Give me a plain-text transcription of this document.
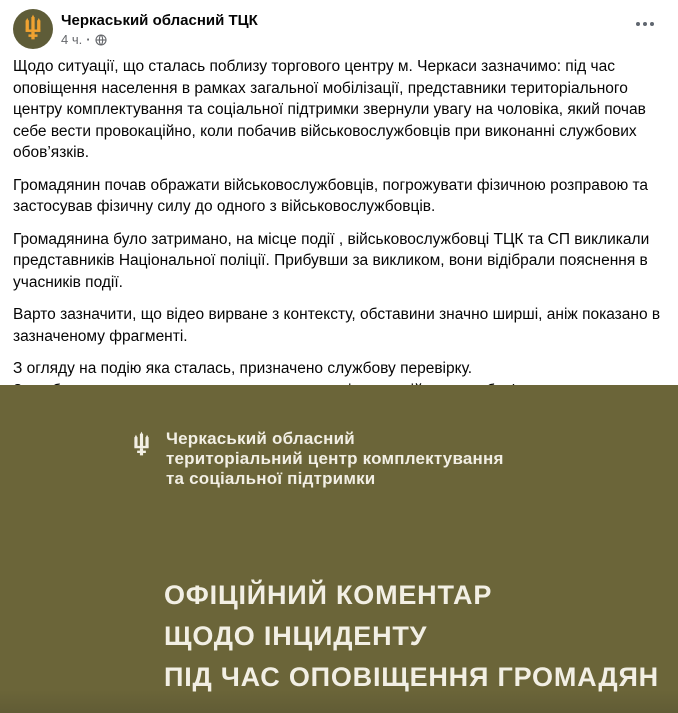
Черкаський обласний ТЦК
4 ч. ·

Щодо ситуації, що сталась поблизу торгового центру м. Черкаси зазначимо: під час оповіщення населення в рамках загальної мобілізації, представники територіального центру комплектування та соціальної підтримки звернули увагу на чоловіка, який почав себе вести провокаційно, коли побачив військовослужбовців при виконанні службових обов’язків.

Громадянин почав ображати військовослужбовців, погрожувати фізичною розправою та застосував фізичну силу до одного з військовослужбовців.

Громадянина було затримано, на місце події , військовослужбовці ТЦК та СП викликали представників Національної поліції. Прибувши за викликом, вони відібрали пояснення в учасників події.

Варто зазначити, що відео вирване з контексту, обставини значно ширші, аніж показано в зазначеному фрагменті.

З огляду на подію яка сталась, призначено службову перевірку.

Черкаський обласний
територіальний центр комплектування
та соціальної підтримки
ОФІЦІЙНИЙ КОМЕНТАР
ЩОДО ІНЦИДЕНТУ
ПІД ЧАС ОПОВІЩЕННЯ ГРОМАДЯН
